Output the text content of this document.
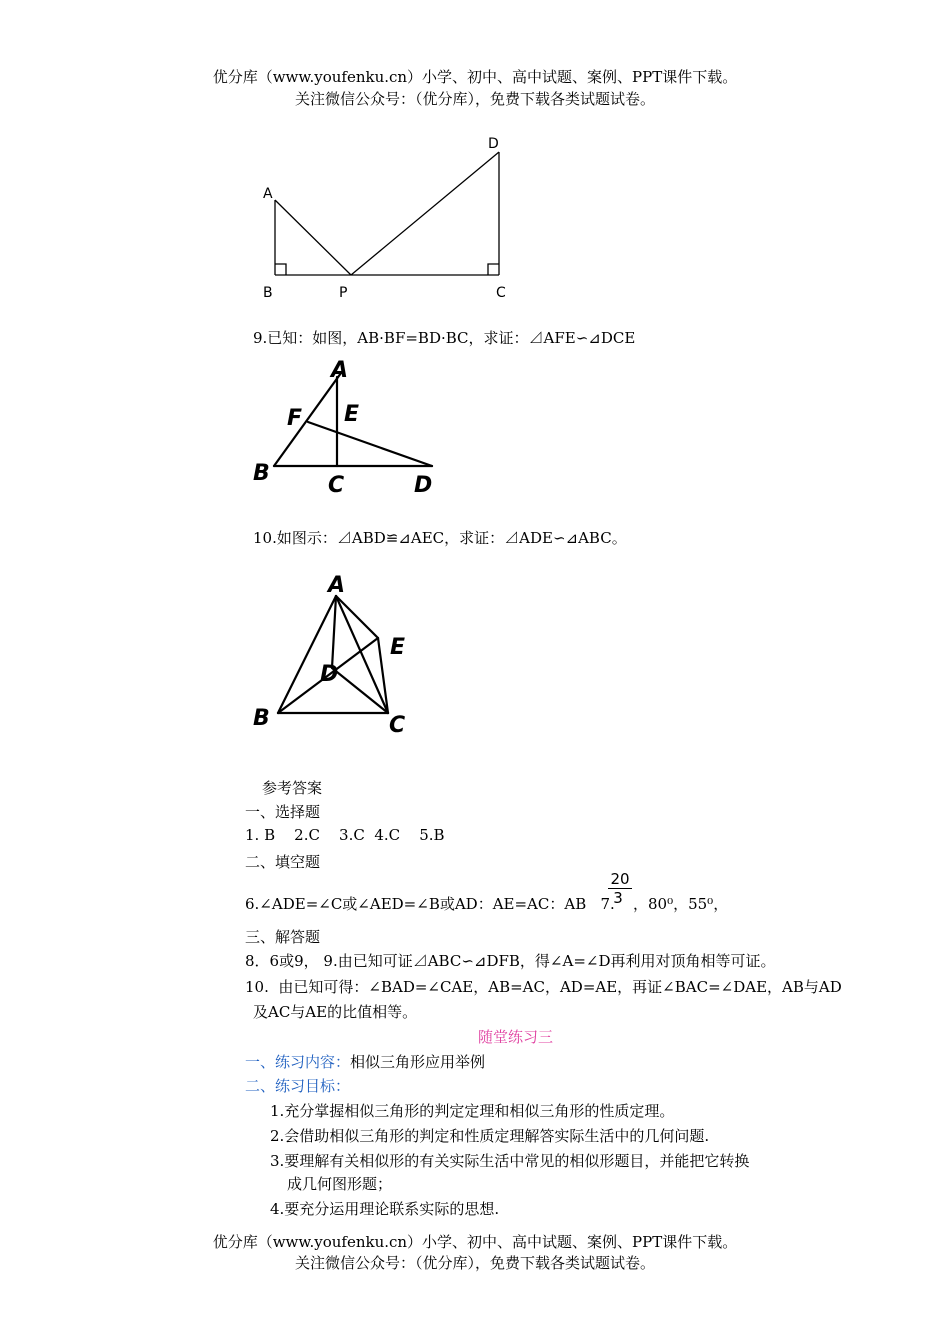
优分库（www.youfenku.cn）小学、初中、高中试题、案例、PPT课件下载。
关注微信公众号：（优分库），免费下载各类试题试卷。
A
B	P	C
D
9.已知：如图，AB·BF=BD·BC，求证：⊿AFE∽⊿DCE
A
F E
B	C	D
10.如图示：⊿ABD≌⊿AEC，求证：⊿ADE∽⊿ABC。
A
E
D
B	C
参考答案
一、选择题
1. B    2.C    3.C  4.C    5.B
二、填空题
6.∠ADE=∠C或∠AED=∠B或AD：AE=AC：AB   7.
20
3 ，80⁰，55⁰，
三、解答题
8．6或9， 9.由已知可证⊿ABC∽⊿DFB，得∠A=∠D再利用对顶角相等可证。
10.  由已知可得：∠BAD=∠CAE，AB=AC，AD=AE，再证∠BAC=∠DAE，AB与AD
及AC与AE的比值相等。
随堂练习三
一、练习内容：相似三角形应用举例
二、练习目标：
1.充分掌握相似三角形的判定定理和相似三角形的性质定理。
2.会借助相似三角形的判定和性质定理解答实际生活中的几何问题.
3.要理解有关相似形的有关实际生活中常见的相似形题目，并能把它转换
成几何图形题；
4.要充分运用理论联系实际的思想.
优分库（www.youfenku.cn）小学、初中、高中试题、案例、PPT课件下载。
关注微信公众号：（优分库），免费下载各类试题试卷。
